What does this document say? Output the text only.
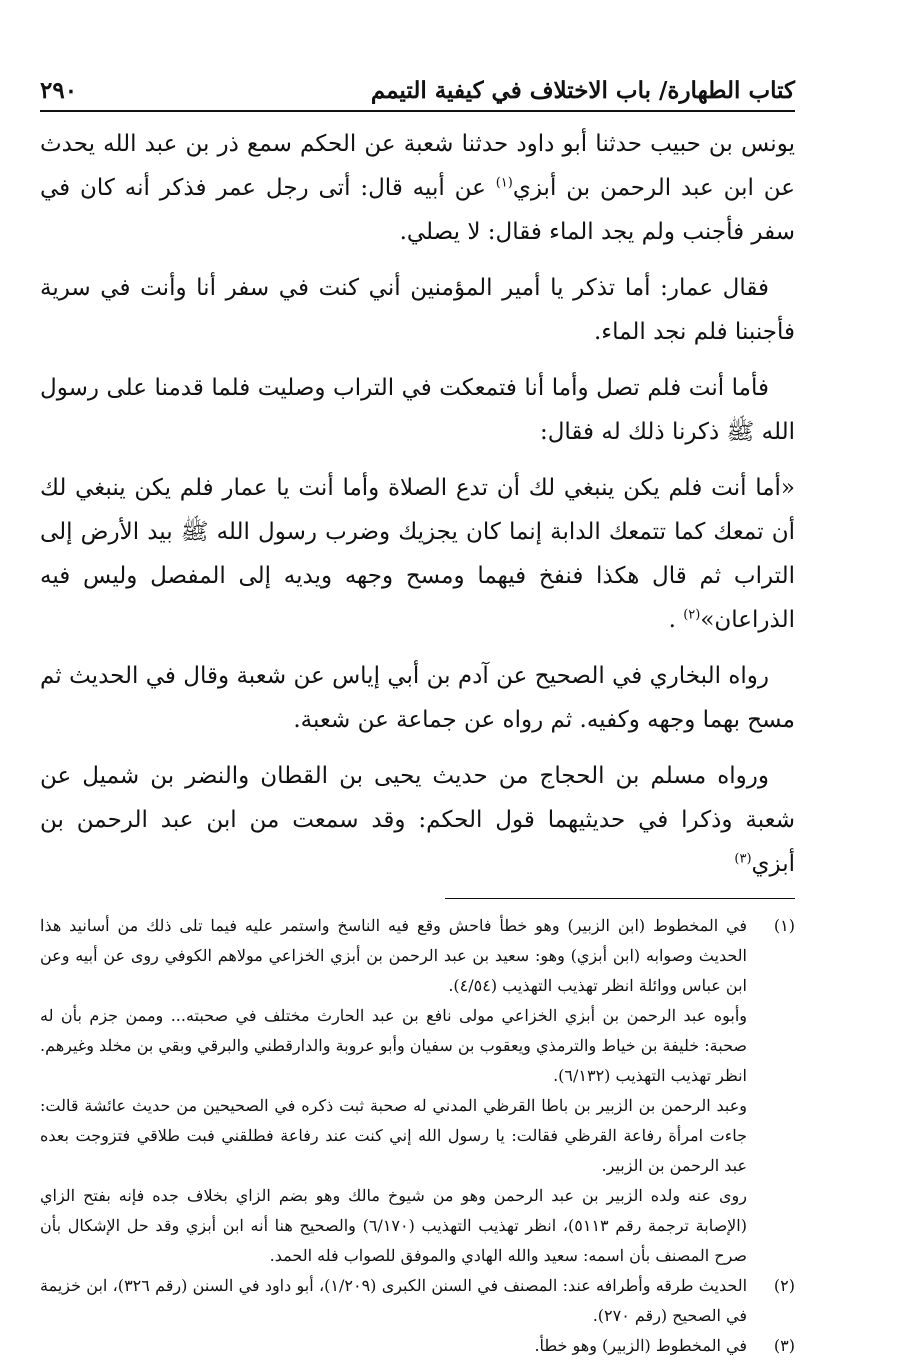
كتاب الطهارة/ باب الاختلاف في كيفية التيمم
٢٩٠

يونس بن حبيب حدثنا أبو داود حدثنا شعبة عن الحكم سمع ذر بن عبد الله يحدث عن ابن عبد الرحمن بن أبزي$^{(١)}$ عن أبيه قال: أتى رجل عمر فذكر أنه كان في سفر فأجنب ولم يجد الماء فقال: لا يصلي.

فقال عمار: أما تذكر يا أمير المؤمنين أني كنت في سفر أنا وأنت في سرية فأجنبنا فلم نجد الماء.

فأما أنت فلم تصل وأما أنا فتمعكت في التراب وصليت فلما قدمنا على رسول الله ﷺ ذكرنا ذلك له فقال:

«أما أنت فلم يكن ينبغي لك أن تدع الصلاة وأما أنت يا عمار فلم يكن ينبغي لك أن تمعك كما تتمعك الدابة إنما كان يجزيك وضرب رسول الله ﷺ بيد الأرض إلى التراب ثم قال هكذا فنفخ فيهما ومسح وجهه ويديه إلى المفصل وليس فيه الذراعان»$^{(٢)}$ .

رواه البخاري في الصحيح عن آدم بن أبي إياس عن شعبة وقال في الحديث ثم مسح بهما وجهه وكفيه. ثم رواه عن جماعة عن شعبة.

ورواه مسلم بن الحجاج من حديث يحيى بن القطان والنضر بن شميل عن شعبة وذكرا في حديثيهما قول الحكم: وقد سمعت من ابن عبد الرحمن بن أبزي$^{(٣)}$

(١)

في المخطوط (ابن الزبير) وهو خطأ فاحش وقع فيه الناسخ واستمر عليه فيما تلى ذلك من أسانيد هذا الحديث وصوابه (ابن أبزي) وهو: سعيد بن عبد الرحمن بن أبزي الخزاعي مولاهم الكوفي روى عن أبيه وعن ابن عباس ووائلة انظر تهذيب التهذيب (٤/٥٤).

وأبوه عبد الرحمن بن أبزي الخزاعي مولى نافع بن عبد الحارث مختلف في صحبته... وممن جزم بأن له صحبة: خليفة بن خياط والترمذي ويعقوب بن سفيان وأبو عروبة والدارقطني والبرقي وبقي بن مخلد وغيرهم. انظر تهذيب التهذيب (٦/١٣٢).

وعبد الرحمن بن الزبير بن باطا القرظي المدني له صحبة ثبت ذكره في الصحيحين من حديث عائشة قالت: جاءت امرأة رفاعة القرظي فقالت: يا رسول الله إني كنت عند رفاعة فطلقني فبت طلاقي فتزوجت بعده عبد الرحمن بن الزبير.

روى عنه ولده الزبير بن عبد الرحمن وهو من شيوخ مالك وهو بضم الزاي بخلاف جده فإنه بفتح الزاي (الإصابة ترجمة رقم ٥١١٣)، انظر تهذيب التهذيب (٦/١٧٠) والصحيح هنا أنه ابن أبزي وقد حل الإشكال بأن صرح المصنف بأن اسمه: سعيد والله الهادي والموفق للصواب فله الحمد.

(٢)

الحديث طرقه وأطرافه عند: المصنف في السنن الكبرى (١/٢٠٩)، أبو داود في السنن (رقم ٣٢٦)، ابن خزيمة في الصحيح (رقم ٢٧٠).

(٣)

في المخطوط (الزبير) وهو خطأ.
